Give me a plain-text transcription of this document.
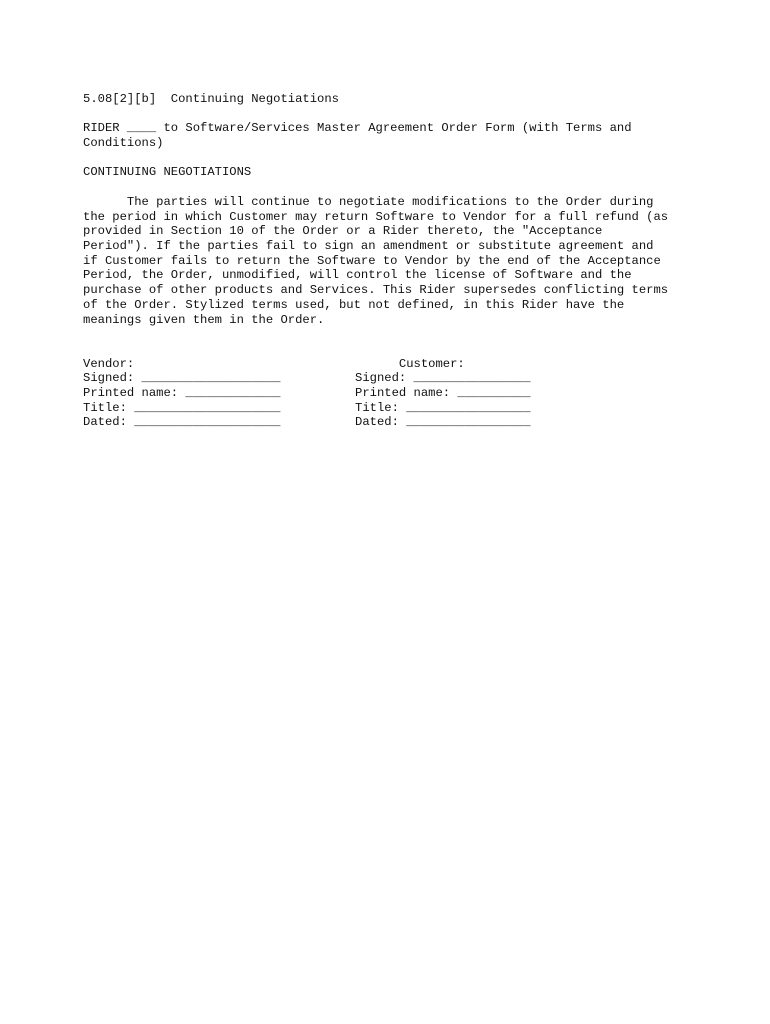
5.08[2][b]  Continuing Negotiations
RIDER ____ to Software/Services Master Agreement Order Form (with Terms and
Conditions)
CONTINUING NEGOTIATIONS
The parties will continue to negotiate modifications to the Order during
the period in which Customer may return Software to Vendor for a full refund (as
provided in Section 10 of the Order or a Rider thereto, the "Acceptance
Period"). If the parties fail to sign an amendment or substitute agreement and
if Customer fails to return the Software to Vendor by the end of the Acceptance
Period, the Order, unmodified, will control the license of Software and the
purchase of other products and Services. This Rider supersedes conflicting terms
of the Order. Stylized terms used, but not defined, in this Rider have the
meanings given them in the Order.
Vendor:
Signed: ___________________
Printed name: _____________
Title: ____________________
Dated: ____________________
Customer:
Signed: ________________
Printed name: __________
Title: _________________
Dated: _________________
